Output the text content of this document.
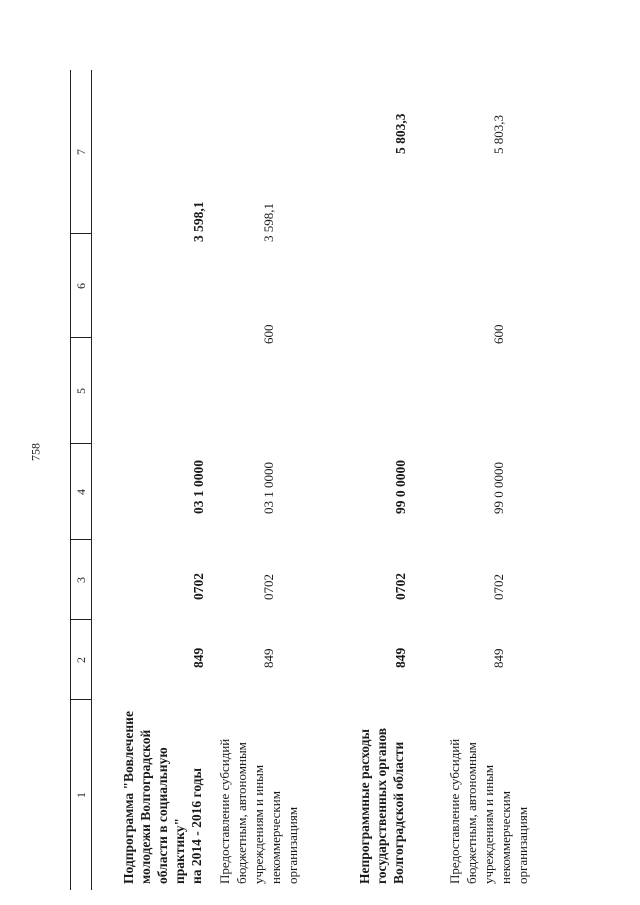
758
1
2
3
4
5
6
7
Подпрограмма "Вовлечение молодежи Волгоградской области в социальную практику" на 2014 - 2016 годы
849
0702
03 1 0000
3 598,1
Предоставление субсидий бюджетным, автономным учреждениям и иным некоммерческим организациям
849
0702
03 1 0000
600
3 598,1
Непрограммные расходы государственных органов Волгоградской области
849
0702
99 0 0000
5 803,3
Предоставление субсидий бюджетным, автономным учреждениям и иным некоммерческим организациям
849
0702
99 0 0000
600
5 803,3
